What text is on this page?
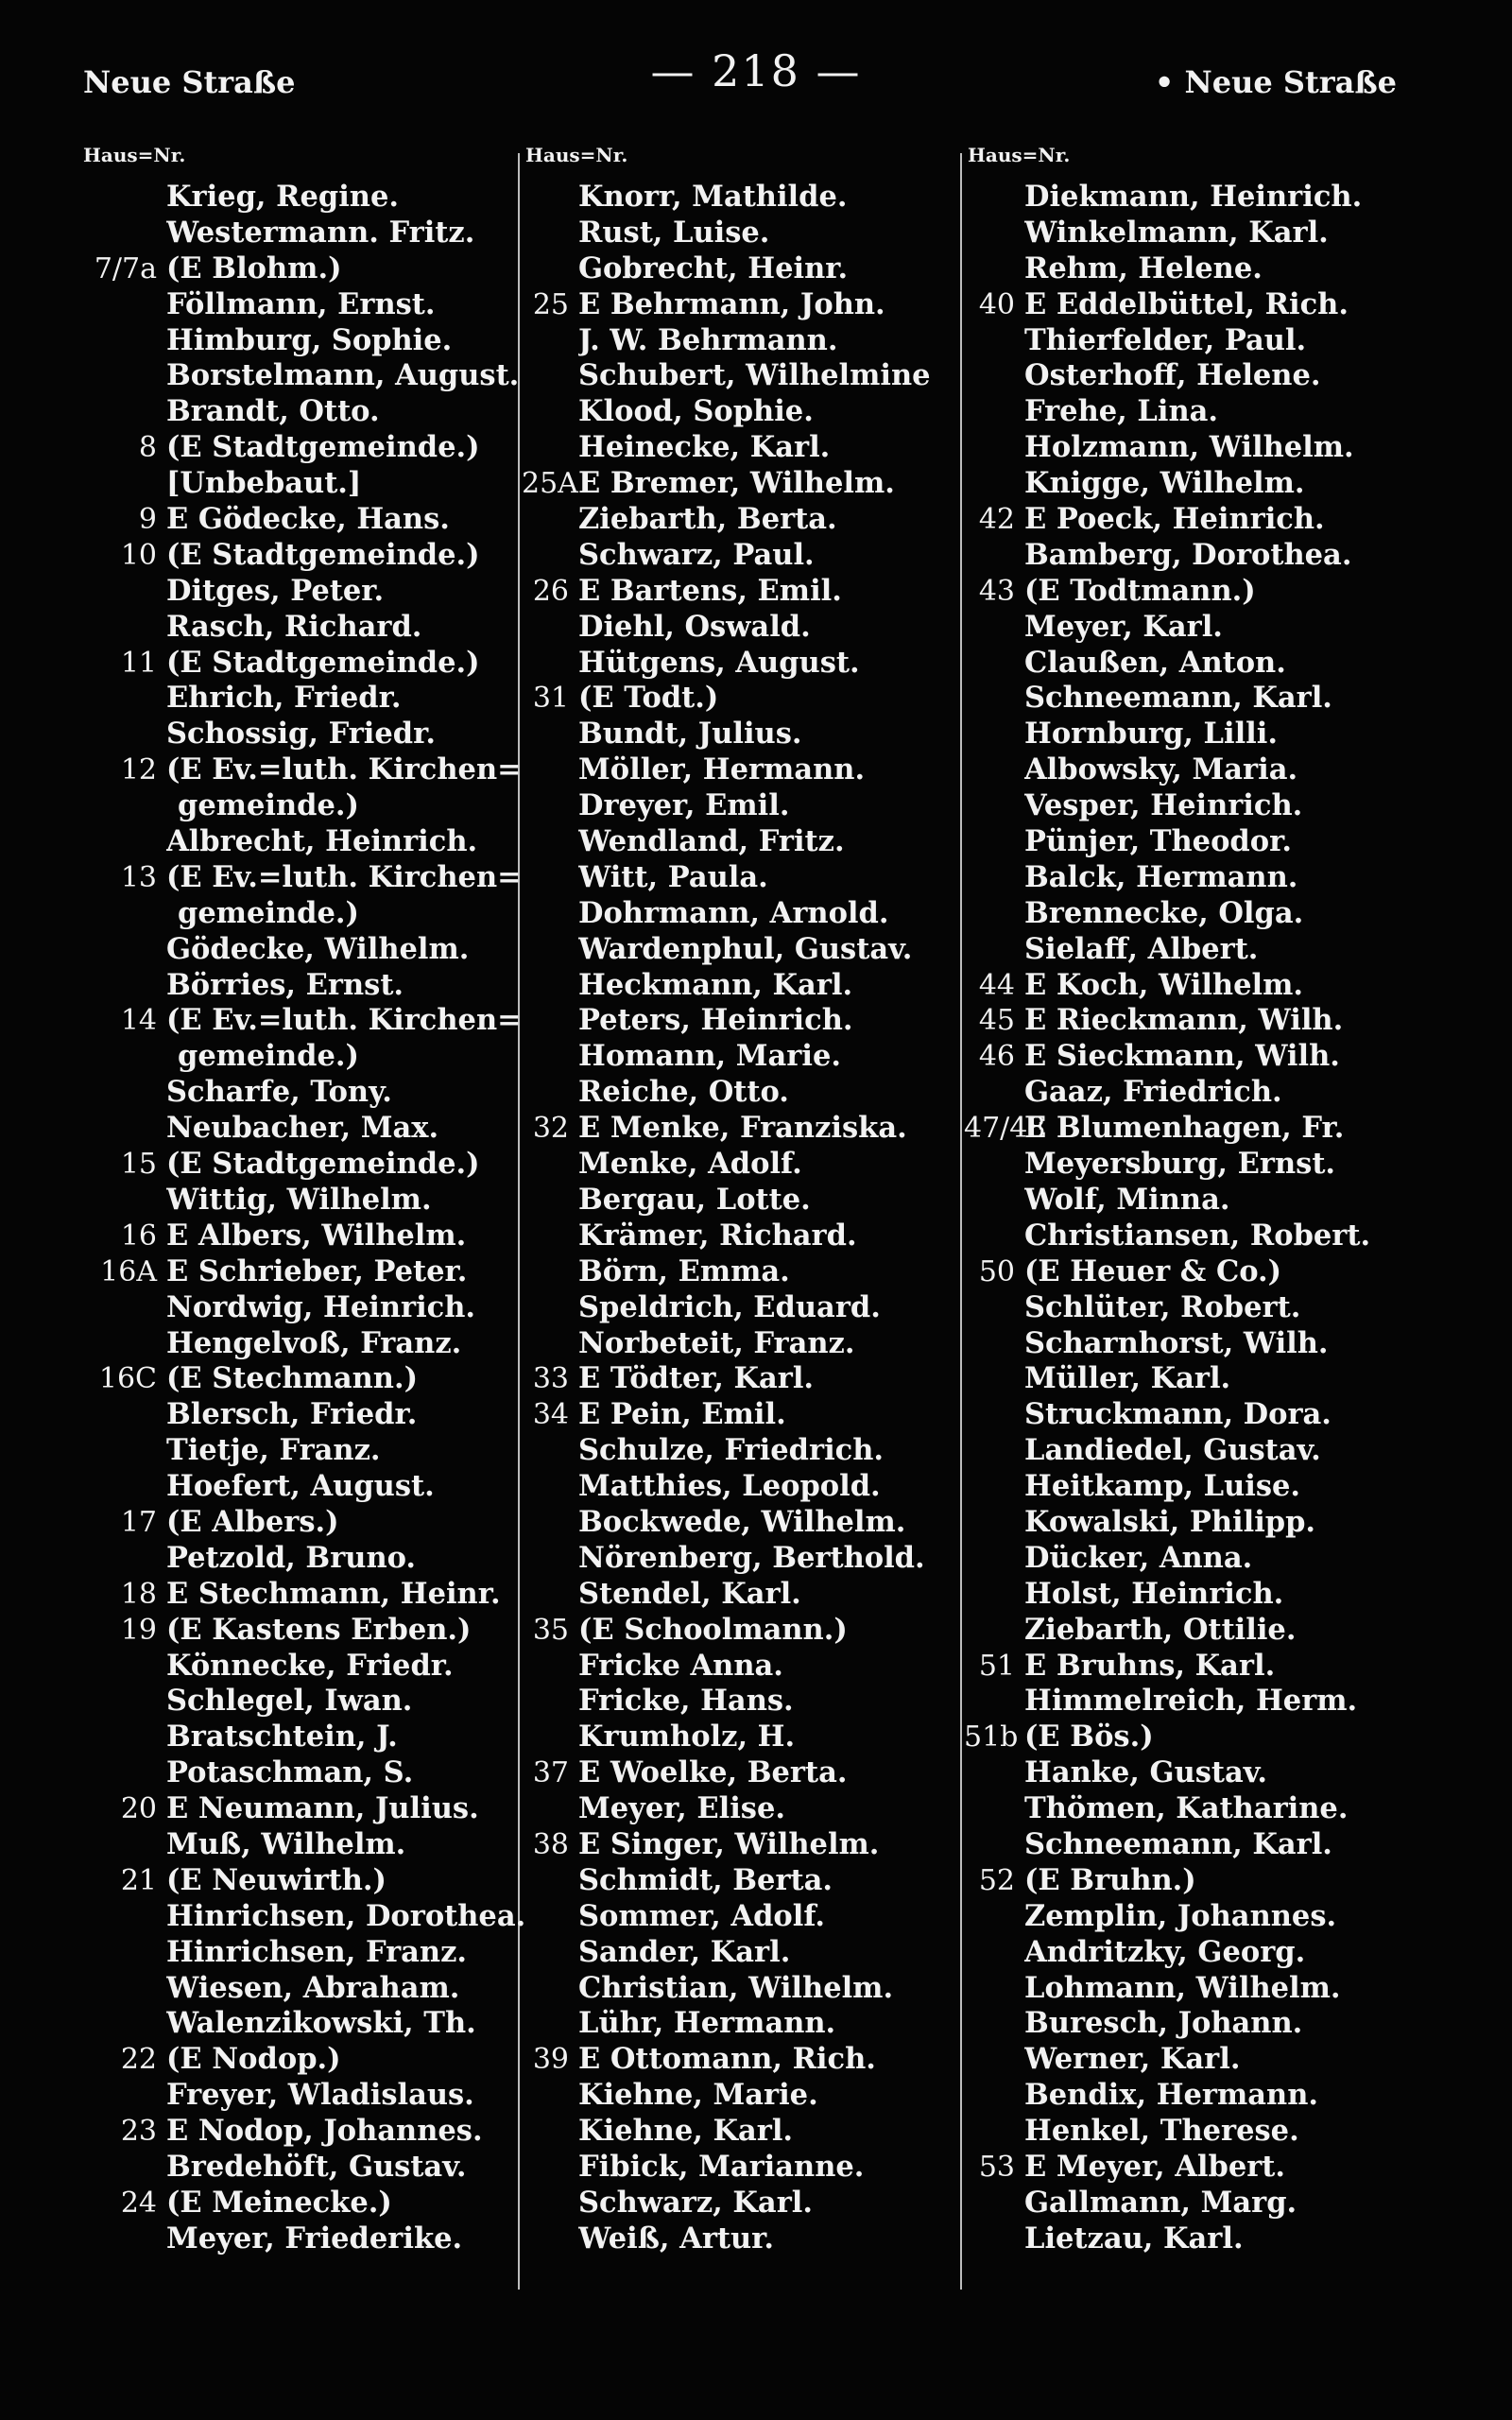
— 218 —
Neue Straße	• Neue Straße
Haus=Nr.
Krieg, Regine.
Westermann. Fritz.
7/7a (E Blohm.)
Föllmann, Ernst.
Himburg, Sophie.
Borstelmann, August.
Brandt, Otto.
8 (E Stadtgemeinde.)
[Unbebaut.]
9 E Gödecke, Hans.
10 (E Stadtgemeinde.)
Ditges, Peter.
Rasch, Richard.
11 (E Stadtgemeinde.)
Ehrich, Friedr.
Schossig, Friedr.
12 (E Ev.=luth. Kirchen=
gemeinde.)
Albrecht, Heinrich.
13 (E Ev.=luth. Kirchen=
gemeinde.)
Gödecke, Wilhelm.
Börries, Ernst.
14 (E Ev.=luth. Kirchen=
gemeinde.)
Scharfe, Tony.
Neubacher, Max.
15 (E Stadtgemeinde.)
Wittig, Wilhelm.
16 E Albers, Wilhelm.
16A E Schrieber, Peter.
Nordwig, Heinrich.
Hengelvoß, Franz.
16C (E Stechmann.)
Blersch, Friedr.
Tietje, Franz.
Hoefert, August.
17 (E Albers.)
Petzold, Bruno.
18 E Stechmann, Heinr.
19 (E Kastens Erben.)
Könnecke, Friedr.
Schlegel, Iwan.
Bratschtein, J.
Potaschman, S.
20 E Neumann, Julius.
Muß, Wilhelm.
21 (E Neuwirth.)
Hinrichsen, Dorothea.
Hinrichsen, Franz.
Wiesen, Abraham.
Walenzikowski, Th.
22 (E Nodop.)
Freyer, Wladislaus.
23 E Nodop, Johannes.
Bredehöft, Gustav.
24 (E Meinecke.)
Meyer, Friederike.
Haus=Nr.
Knorr, Mathilde.
Rust, Luise.
Gobrecht, Heinr.
25 E Behrmann, John.
J. W. Behrmann.
Schubert, Wilhelmine
Klood, Sophie.
Heinecke, Karl.
25A E Bremer, Wilhelm.
Ziebarth, Berta.
Schwarz, Paul.
26 E Bartens, Emil.
Diehl, Oswald.
Hütgens, August.
31 (E Todt.)
Bundt, Julius.
Möller, Hermann.
Dreyer, Emil.
Wendland, Fritz.
Witt, Paula.
Dohrmann, Arnold.
Wardenphul, Gustav.
Heckmann, Karl.
Peters, Heinrich.
Homann, Marie.
Reiche, Otto.
32 E Menke, Franziska.
Menke, Adolf.
Bergau, Lotte.
Krämer, Richard.
Börn, Emma.
Speldrich, Eduard.
Norbeteit, Franz.
33 E Tödter, Karl.
34 E Pein, Emil.
Schulze, Friedrich.
Matthies, Leopold.
Bockwede, Wilhelm.
Nörenberg, Berthold.
Stendel, Karl.
35 (E Schoolmann.)
Fricke Anna.
Fricke, Hans.
Krumholz, H.
37 E Woelke, Berta.
Meyer, Elise.
38 E Singer, Wilhelm.
Schmidt, Berta.
Sommer, Adolf.
Sander, Karl.
Christian, Wilhelm.
Lühr, Hermann.
39 E Ottomann, Rich.
Kiehne, Marie.
Kiehne, Karl.
Fibick, Marianne.
Schwarz, Karl.
Weiß, Artur.
Haus=Nr.
Diekmann, Heinrich.
Winkelmann, Karl.
Rehm, Helene.
40 E Eddelbüttel, Rich.
Thierfelder, Paul.
Osterhoff, Helene.
Frehe, Lina.
Holzmann, Wilhelm.
Knigge, Wilhelm.
42 E Poeck, Heinrich.
Bamberg, Dorothea.
43 (E Todtmann.)
Meyer, Karl.
Claußen, Anton.
Schneemann, Karl.
Hornburg, Lilli.
Albowsky, Maria.
Vesper, Heinrich.
Pünjer, Theodor.
Balck, Hermann.
Brennecke, Olga.
Sielaff, Albert.
44 E Koch, Wilhelm.
45 E Rieckmann, Wilh.
46 E Sieckmann, Wilh.
Gaaz, Friedrich.
47/48
E Blumenhagen, Fr.
Meyersburg, Ernst.
Wolf, Minna.
Christiansen, Robert.
50 (E Heuer & Co.)
Schlüter, Robert.
Scharnhorst, Wilh.
Müller, Karl.
Struckmann, Dora.
Landiedel, Gustav.
Heitkamp, Luise.
Kowalski, Philipp.
Dücker, Anna.
Holst, Heinrich.
Ziebarth, Ottilie.
51 E Bruhns, Karl.
Himmelreich, Herm.
51b (E Bös.)
Hanke, Gustav.
Thömen, Katharine.
Schneemann, Karl.
52 (E Bruhn.)
Zemplin, Johannes.
Andritzky, Georg.
Lohmann, Wilhelm.
Buresch, Johann.
Werner, Karl.
Bendix, Hermann.
Henkel, Therese.
53 E Meyer, Albert.
Gallmann, Marg.
Lietzau, Karl.
